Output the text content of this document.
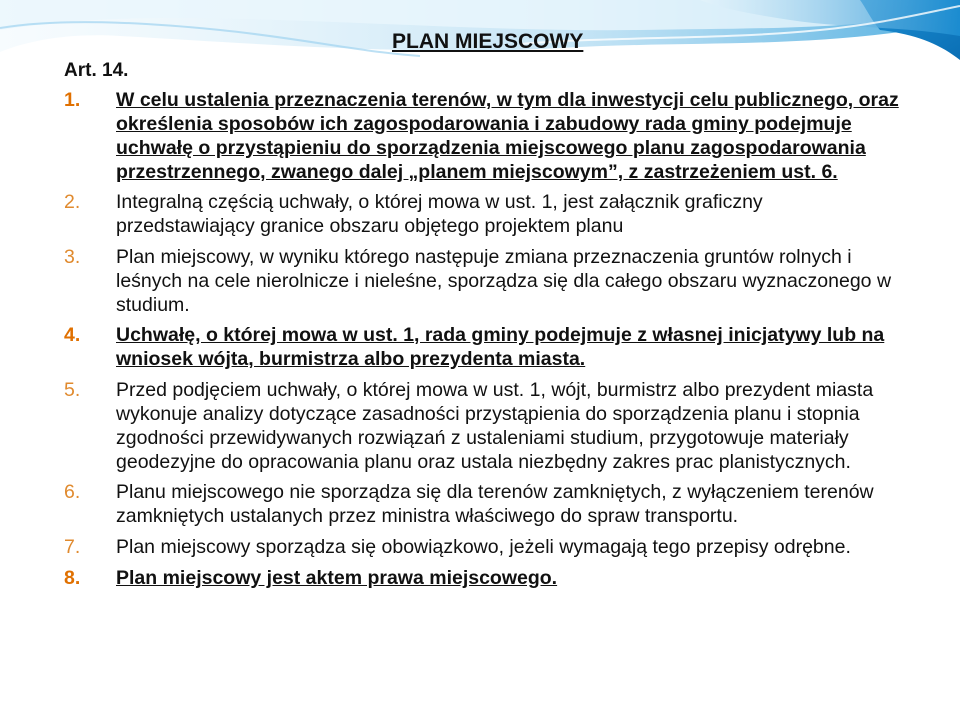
PLAN MIEJSCOWY
Art. 14.
1.	W celu ustalenia przeznaczenia terenów, w tym dla inwestycji celu publicznego, oraz określenia sposobów ich zagospodarowania i zabudowy rada gminy podejmuje uchwałę o przystąpieniu do sporządzenia miejscowego planu zagospodarowania przestrzennego, zwanego dalej „planem miejscowym”, z zastrzeżeniem ust. 6.
2.	Integralną częścią uchwały, o której mowa w ust. 1, jest załącznik graficzny przedstawiający granice obszaru objętego projektem planu
3.	Plan miejscowy, w wyniku którego następuje zmiana przeznaczenia gruntów rolnych i leśnych na cele nierolnicze i nieleśne, sporządza się dla całego obszaru wyznaczonego w studium.
4.	Uchwałę, o której mowa w ust. 1, rada gminy podejmuje z własnej inicjatywy lub na wniosek wójta, burmistrza albo prezydenta miasta.
5.	Przed podjęciem uchwały, o której mowa w ust. 1, wójt, burmistrz albo prezydent miasta wykonuje analizy dotyczące zasadności przystąpienia do sporządzenia planu i stopnia zgodności przewidywanych rozwiązań z ustaleniami studium, przygotowuje materiały geodezyjne do opracowania planu oraz ustala niezbędny zakres prac planistycznych.
6.	Planu miejscowego nie sporządza się dla terenów zamkniętych, z wyłączeniem terenów zamkniętych ustalanych przez ministra właściwego do spraw transportu.
7.	Plan miejscowy sporządza się obowiązkowo, jeżeli wymagają tego przepisy odrębne.
8.	Plan miejscowy jest aktem prawa miejscowego.
